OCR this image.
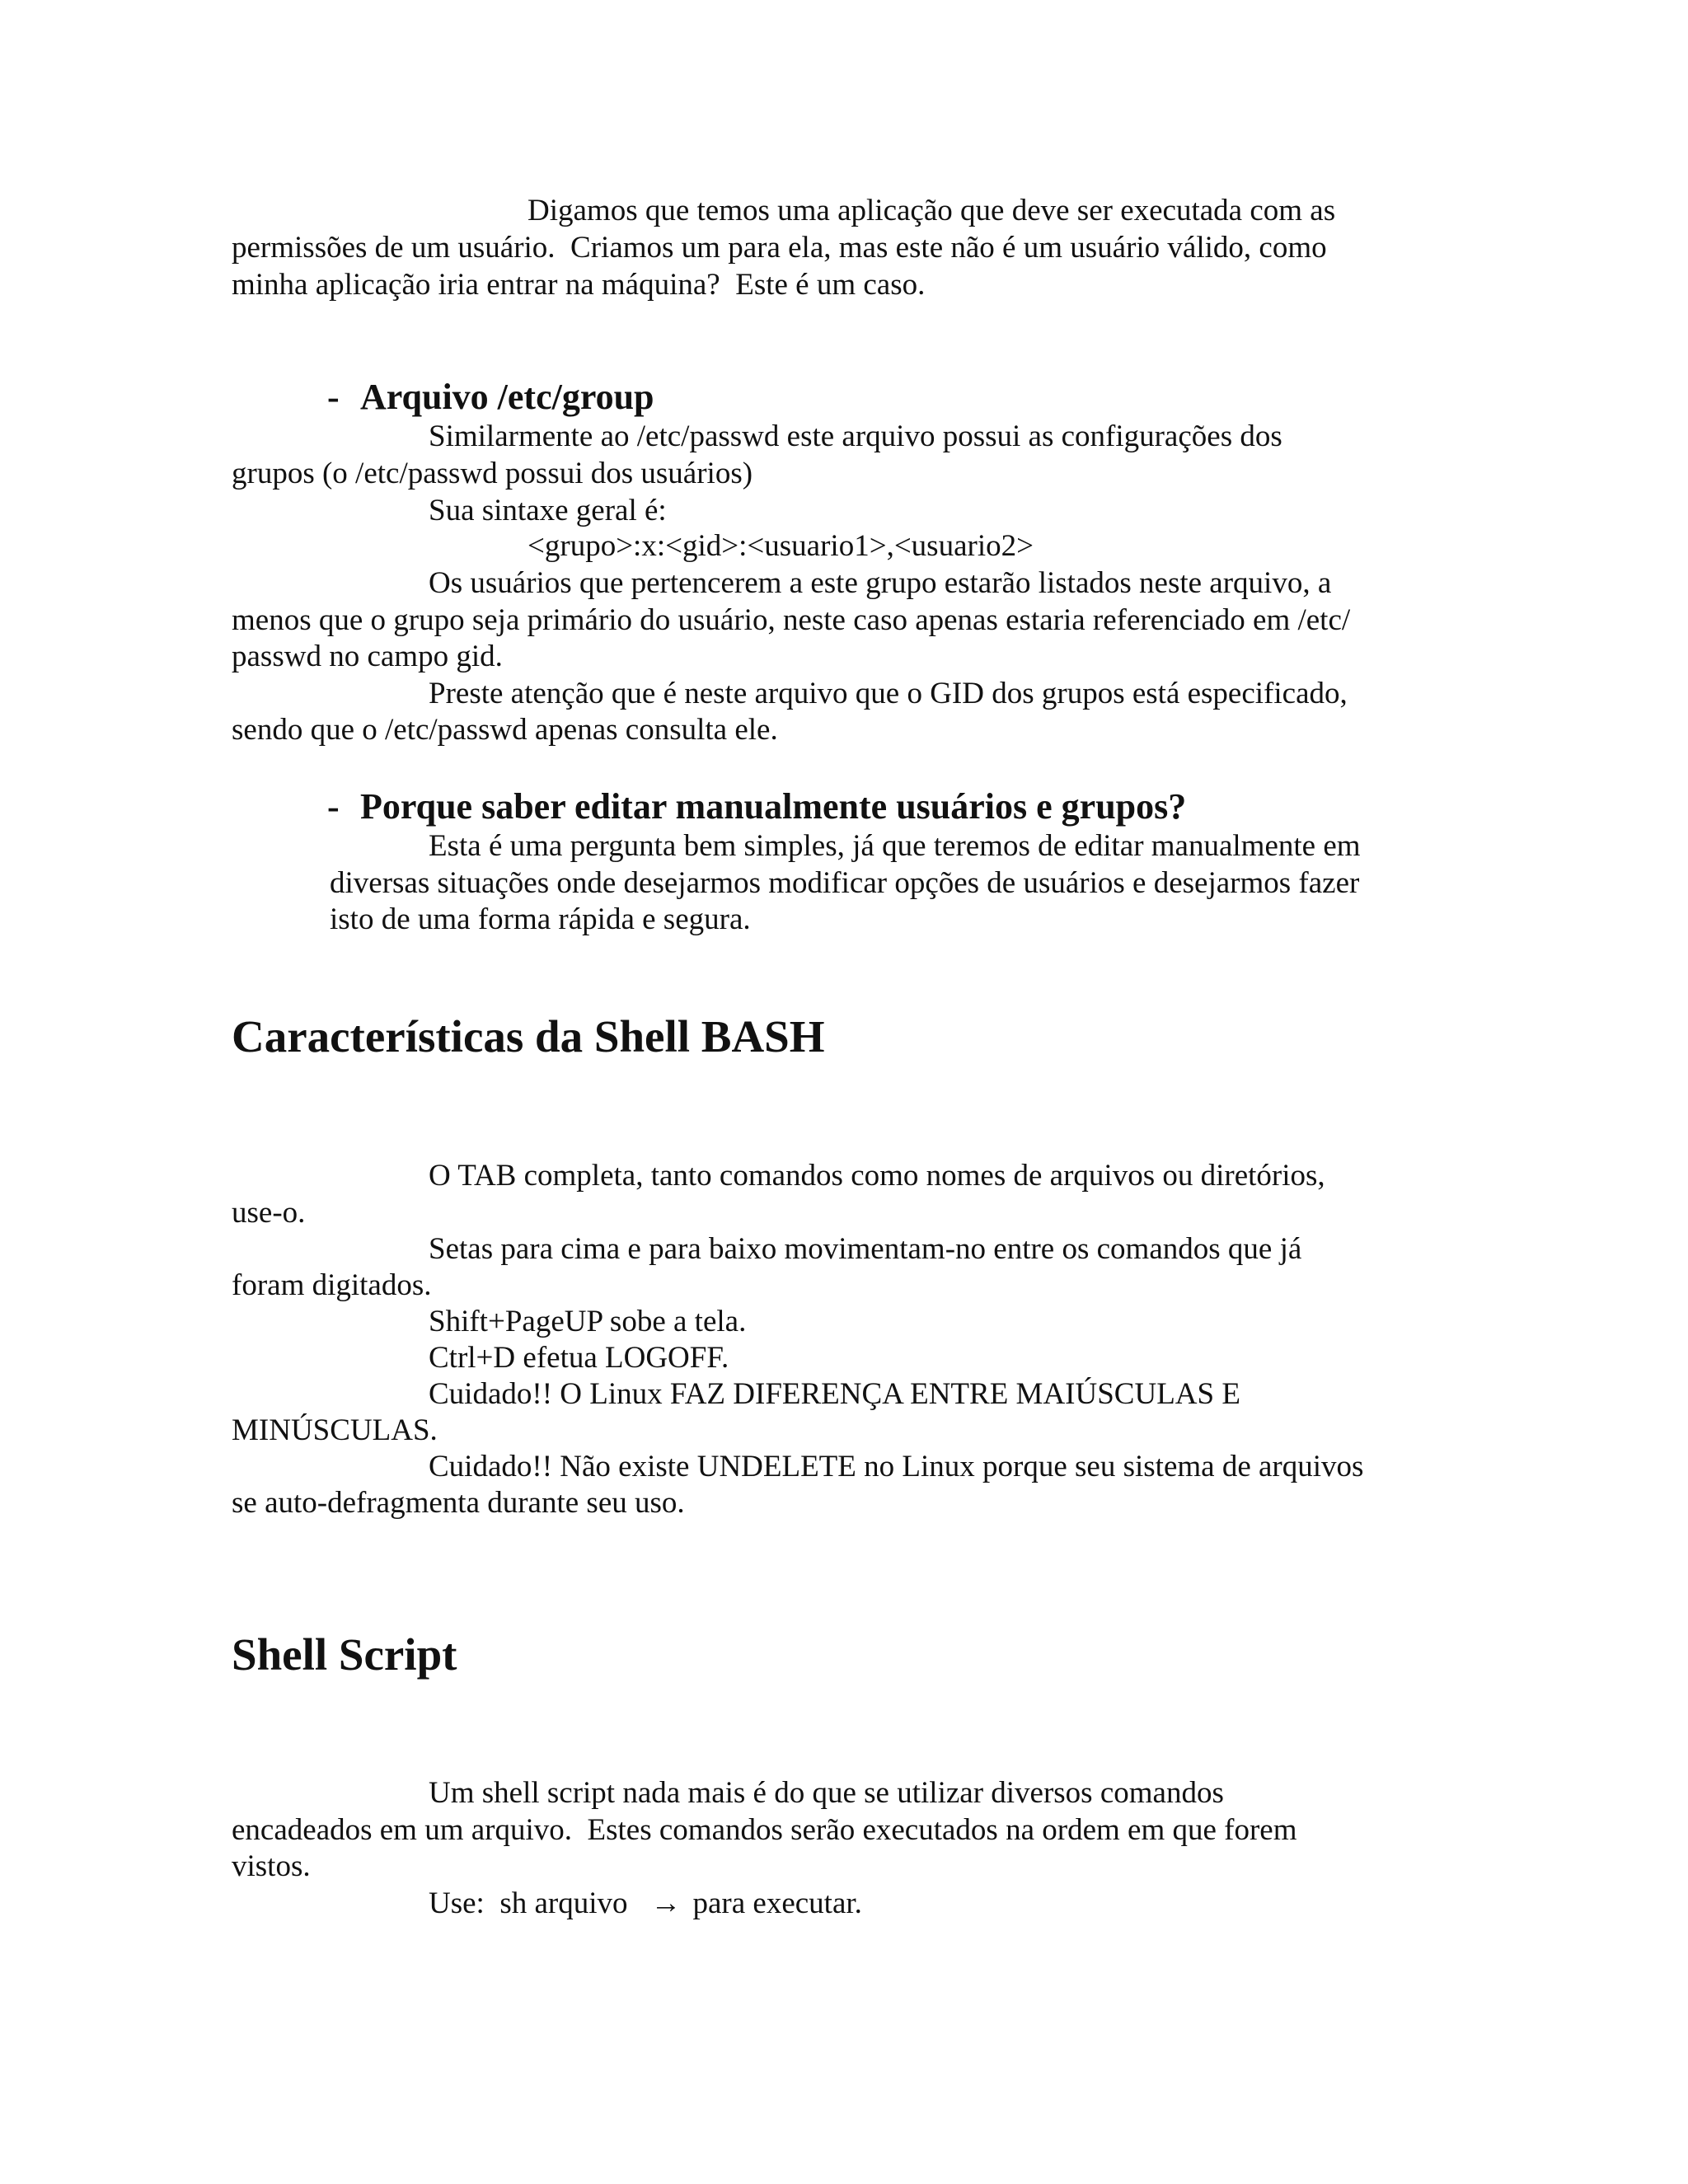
Digamos que temos uma aplicação que deve ser executada com as
permissões de um usuário.  Criamos um para ela, mas este não é um usuário válido, como
minha aplicação iria entrar na máquina?  Este é um caso.
- Arquivo /etc/group
Similarmente ao /etc/passwd este arquivo possui as configurações dos
grupos (o /etc/passwd possui dos usuários)
Sua sintaxe geral é:
<grupo>:x:<gid>:<usuario1>,<usuario2>
Os usuários que pertencerem a este grupo estarão listados neste arquivo, a
menos que o grupo seja primário do usuário, neste caso apenas estaria referenciado em /etc/
passwd no campo gid.
Preste atenção que é neste arquivo que o GID dos grupos está especificado,
sendo que o /etc/passwd apenas consulta ele.
- Porque saber editar manualmente usuários e grupos?
Esta é uma pergunta bem simples, já que teremos de editar manualmente em
diversas situações onde desejarmos modificar opções de usuários e desejarmos fazer
isto de uma forma rápida e segura.
Características da Shell BASH
O TAB completa, tanto comandos como nomes de arquivos ou diretórios,
use-o.
Setas para cima e para baixo movimentam-no entre os comandos que já
foram digitados.
Shift+PageUP sobe a tela.
Ctrl+D efetua LOGOFF.
Cuidado!! O Linux FAZ DIFERENÇA ENTRE MAIÚSCULAS E
MINÚSCULAS.
Cuidado!! Não existe UNDELETE no Linux porque seu sistema de arquivos
se auto-defragmenta durante seu uso.
Shell Script
Um shell script nada mais é do que se utilizar diversos comandos
encadeados em um arquivo.  Estes comandos serão executados na ordem em que forem
vistos.
Use:  sh arquivo → para executar.
